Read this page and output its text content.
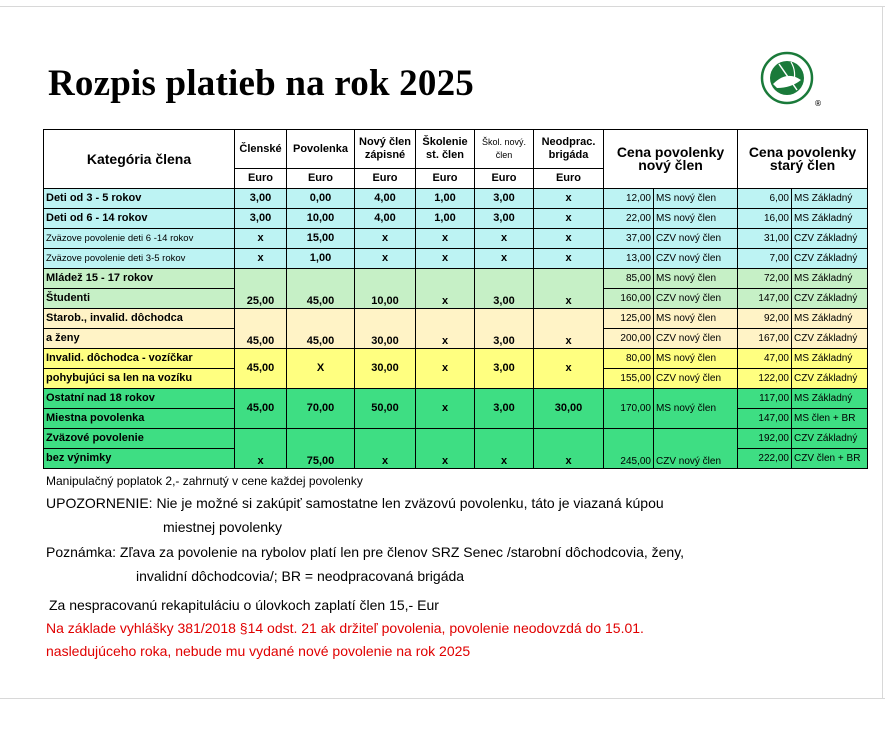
Rozpis platieb na rok 2025	®
Kategória člena	Členské	Povolenka	Nový člen zápisné	Školenie st. člen	Škol. nový. člen	Neodprac. brigáda	Cena povolenky nový člen		Cena povolenky starý člen	
	Euro	Euro	Euro	Euro	Euro	Euro				
Deti od 3 - 5 rokov	3,00	0,00	4,00	1,00	3,00	x	12,00	MS nový člen	6,00	MS Základný
Deti od 6 - 14 rokov	3,00	10,00	4,00	1,00	3,00	x	22,00	MS nový člen	16,00	MS Základný
Zväzove povolenie deti 6 -14 rokov	x	15,00	x	x	x	x	37,00	CZV nový člen	31,00	CZV Základný
Zväzove povolenie deti 3-5 rokov	x	1,00	x	x	x	x	13,00	CZV nový člen	7,00	CZV Základný
Mládež 15 - 17 rokov	25,00	45,00	10,00	x	3,00	x	85,00	MS nový člen	72,00	MS Základný
Študenti							160,00	CZV nový člen	147,00	CZV Základný
Starob., invalid. dôchodca	45,00	45,00	30,00	x	3,00	x	125,00	MS nový člen	92,00	MS Základný
a ženy							200,00	CZV nový člen	167,00	CZV Základný
Invalid. dôchodca - vozíčkar	45,00	X	30,00	x	3,00	x	80,00	MS nový člen	47,00	MS Základný
pohybujúci sa len na vozíku							155,00	CZV nový člen	122,00	CZV Základný
Ostatní nad 18 rokov	45,00	70,00	50,00	x	3,00	30,00	170,00	MS nový člen	117,00	MS Základný
Miestna povolenka									147,00	MS člen + BR
Zväzové povolenie	x	75,00	x	x	x	x	245,00	CZV nový člen	192,00	CZV Základný
bez výnimky									222,00	CZV člen + BR

Manipulačný poplatok 2,- zahrnutý v cene každej povolenky

UPOZORNENIE: Nie je možné si zakúpiť samostatne len zväzovú povolenku, táto je viazaná kúpou

miestnej povolenky

Poznámka: Zľava za povolenie na rybolov platí len pre členov SRZ Senec /starobní dôchodcovia, ženy,

invalidní dôchodcovia/; BR = neodpracovaná brigáda

Za nespracovanú rekapituláciu o úlovkoch zaplatí člen 15,- Eur

Na základe vyhlášky 381/2018 §14 odst. 21 ak držiteľ povolenia, povolenie neodovzdá do 15.01.

nasledujúceho roka, nebude mu vydané nové povolenie na rok 2025
